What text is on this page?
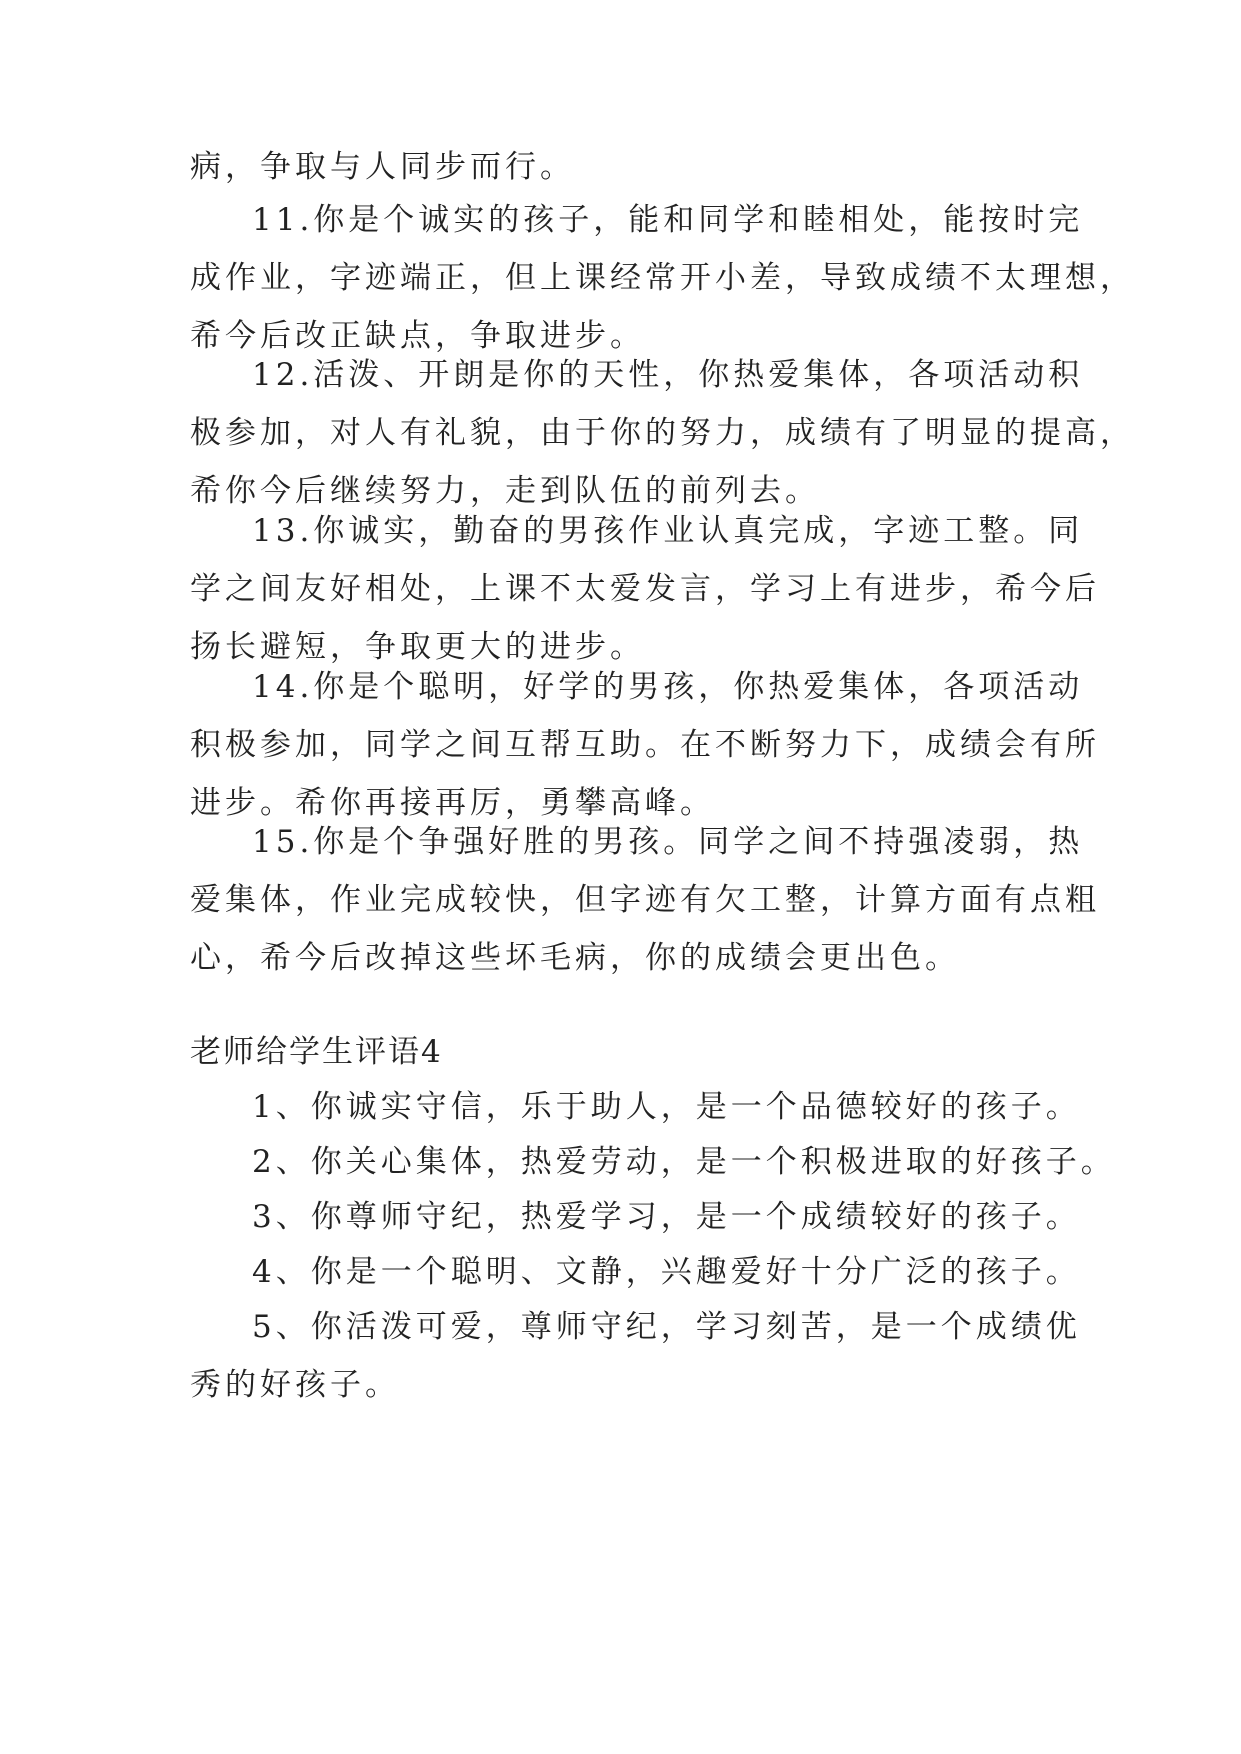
病，争取与人同步而行。
11.你是个诚实的孩子，能和同学和睦相处，能按时完
成作业，字迹端正，但上课经常开小差，导致成绩不太理想，
希今后改正缺点，争取进步。
12.活泼、开朗是你的天性，你热爱集体，各项活动积
极参加，对人有礼貌，由于你的努力，成绩有了明显的提高，
希你今后继续努力，走到队伍的前列去。
13.你诚实，勤奋的男孩作业认真完成，字迹工整。同
学之间友好相处，上课不太爱发言，学习上有进步，希今后
扬长避短，争取更大的进步。
14.你是个聪明，好学的男孩，你热爱集体，各项活动
积极参加，同学之间互帮互助。在不断努力下，成绩会有所
进步。希你再接再厉，勇攀高峰。
15.你是个争强好胜的男孩。同学之间不持强凌弱，热
爱集体，作业完成较快，但字迹有欠工整，计算方面有点粗
心，希今后改掉这些坏毛病，你的成绩会更出色。
老师给学生评语4
1、你诚实守信，乐于助人，是一个品德较好的孩子。
2、你关心集体，热爱劳动，是一个积极进取的好孩子。
3、你尊师守纪，热爱学习，是一个成绩较好的孩子。
4、你是一个聪明、文静，兴趣爱好十分广泛的孩子。
5、你活泼可爱，尊师守纪，学习刻苦，是一个成绩优
秀的好孩子。
